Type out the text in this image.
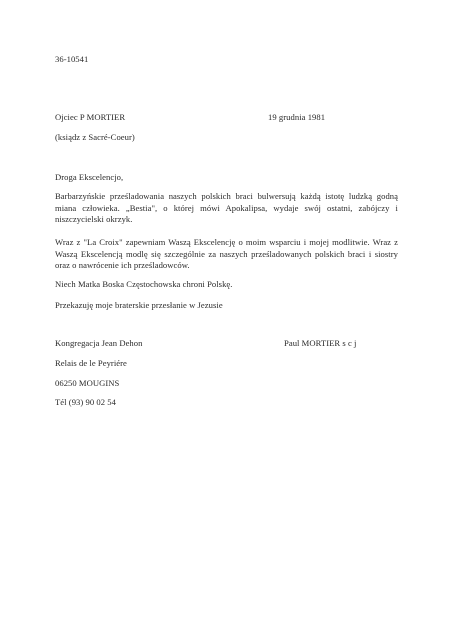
36-10541
Ojciec P MORTIER	19 grudnia 1981
(ksiądz z Sacré-Coeur)
Droga Ekscelencjo,
Barbarzyńskie prześladowania naszych polskich braci bulwersują każdą istotę ludzką godną miana człowieka. „Bestia", o której mówi Apokalipsa, wydaje swój ostatni, zabójczy i niszczycielski okrzyk.
Wraz z "La Croix" zapewniam Waszą Ekscelencję o moim wsparciu i mojej modlitwie. Wraz z Waszą Ekscelencją modlę się szczególnie za naszych prześladowanych polskich braci i siostry oraz o nawrócenie ich prześladowców.
Niech Matka Boska Częstochowska chroni Polskę.
Przekazuję moje braterskie przesłanie w Jezusie
Kongregacja Jean Dehon	Paul MORTIER s c j
Relais de le Peyriére
06250 MOUGINS
Tél (93) 90 02 54
